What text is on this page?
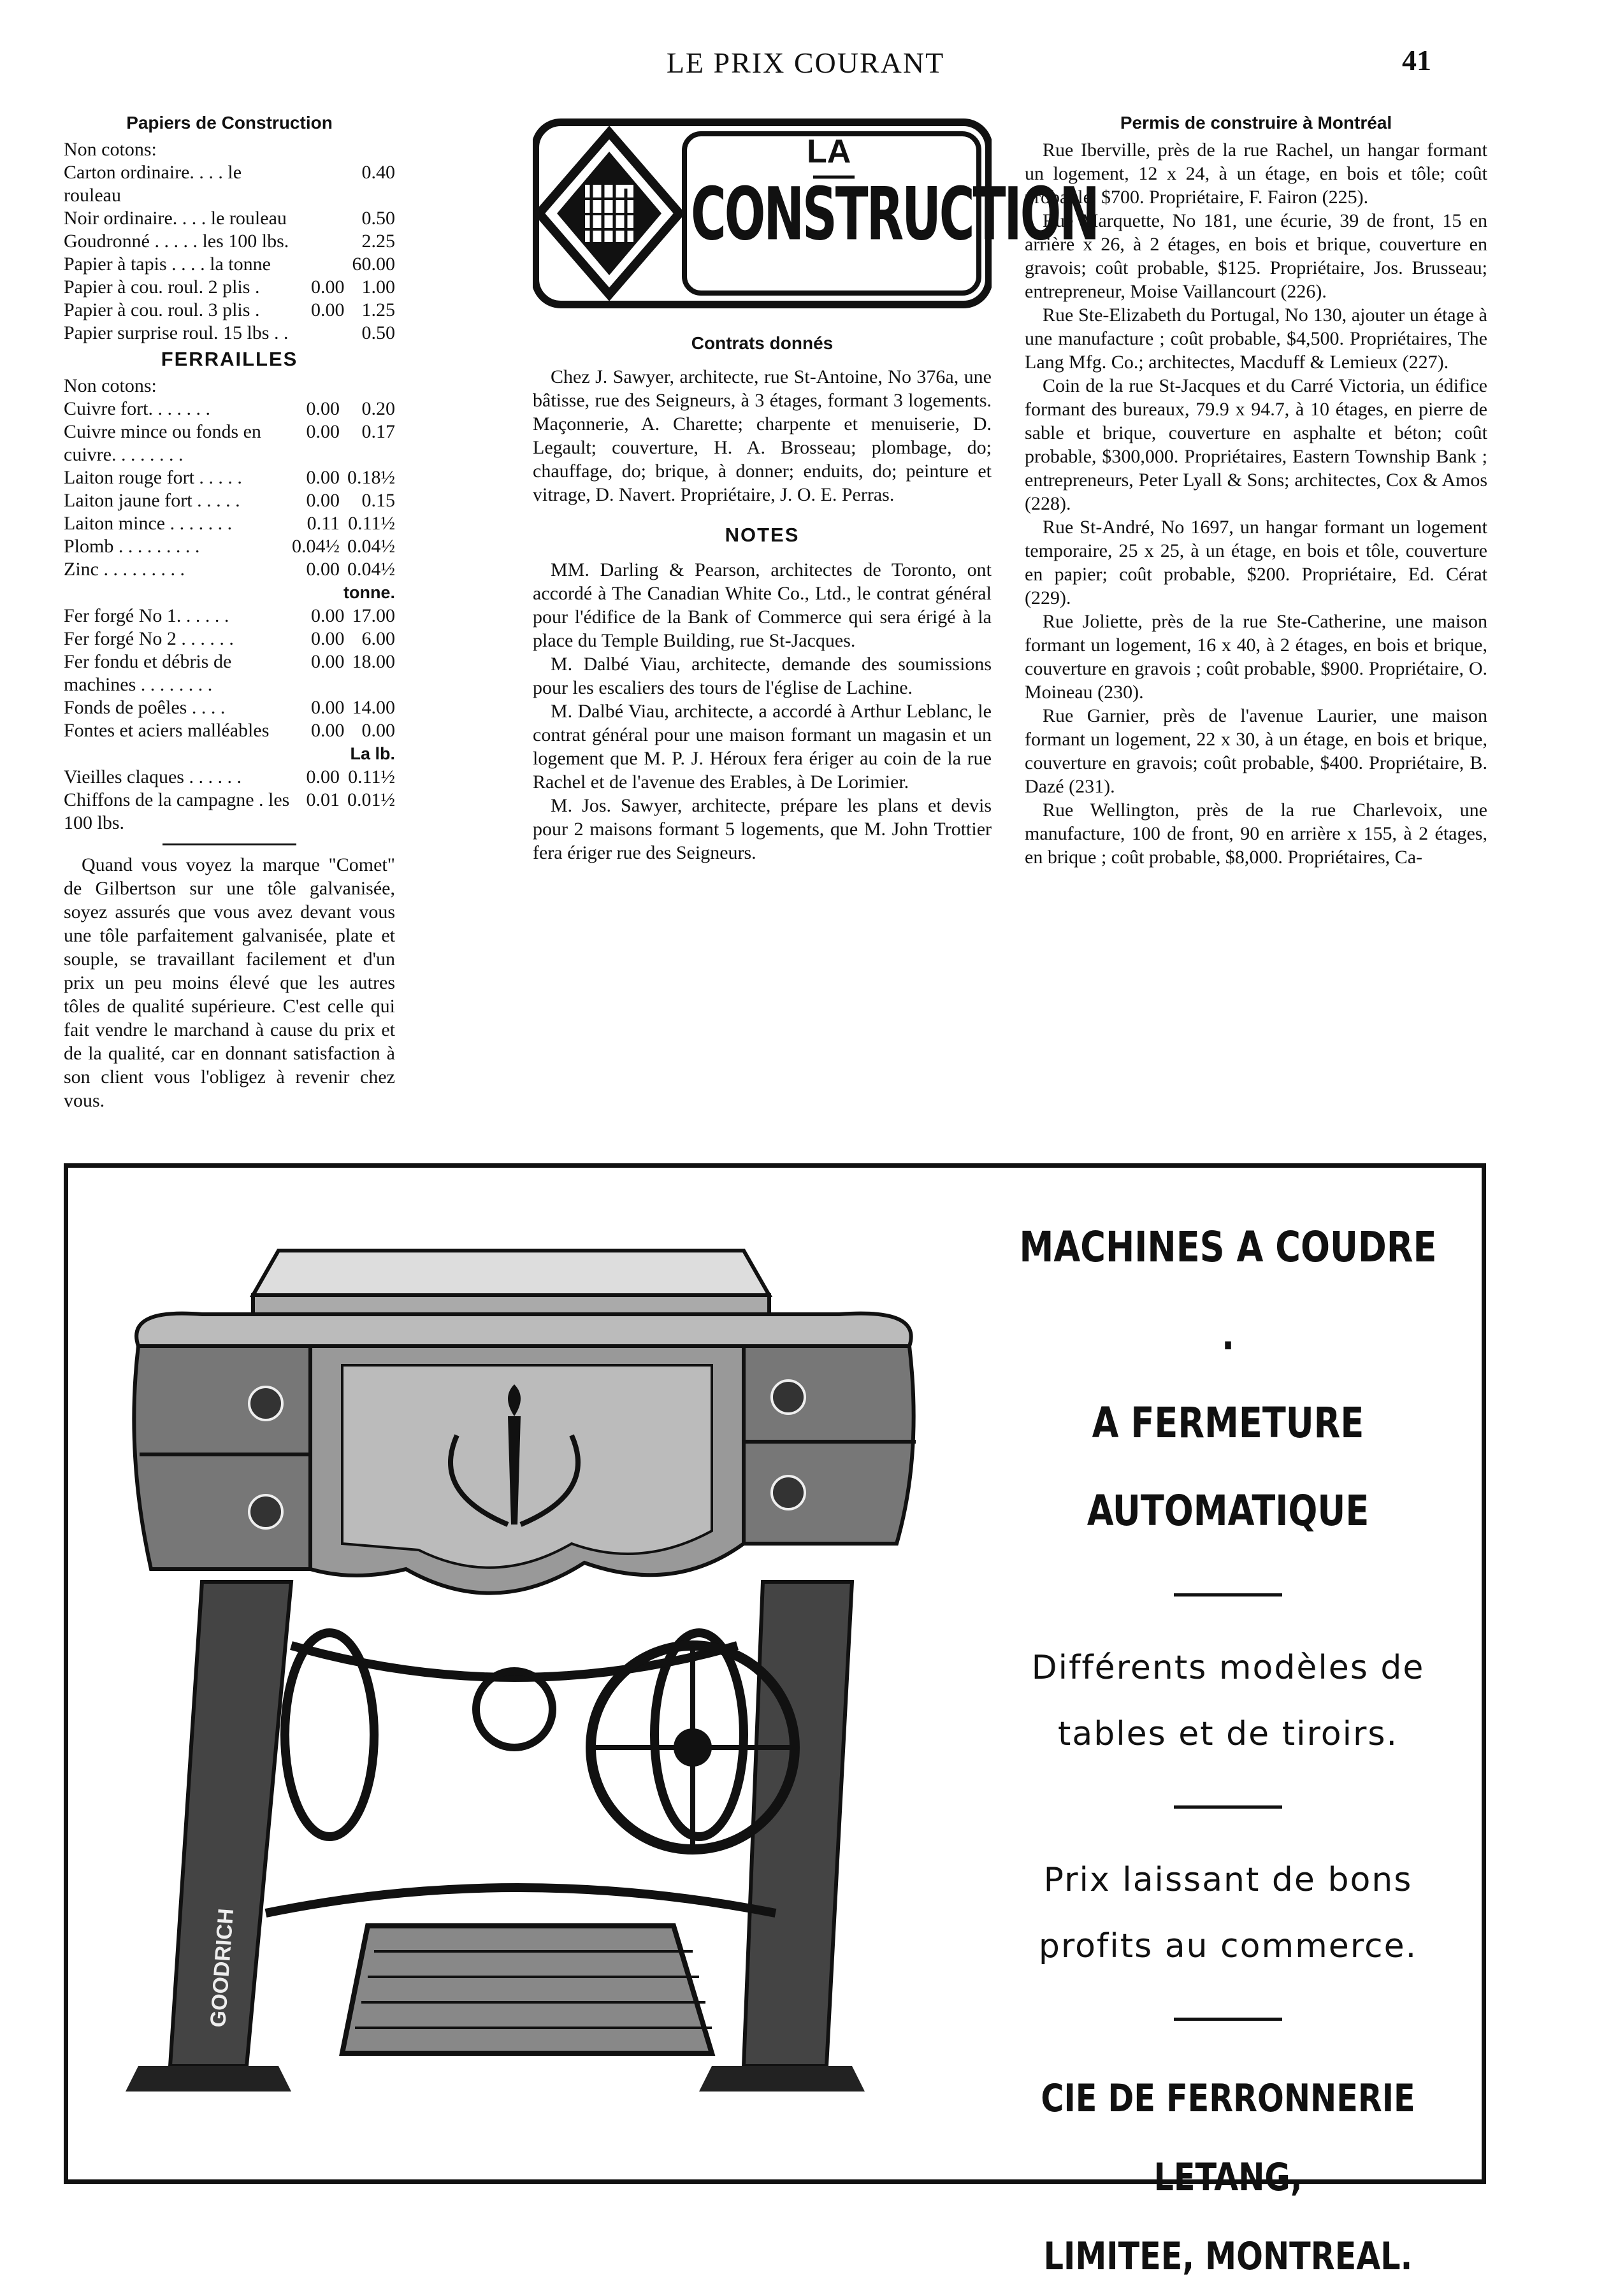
LE PRIX COURANT	41
Papiers de Construction
Non cotons:		
Carton ordinaire. . . . le rouleau		0.40
Noir ordinaire. . . . le rouleau		0.50
Goudronné . . . . . les 100 lbs.		2.25
Papier à tapis . . . . la tonne		60.00
Papier à cou. roul. 2 plis .	0.00	1.00
Papier à cou. roul. 3 plis .	0.00	1.25
Papier surprise roul. 15 lbs . .		0.50
FERRAILLES
Non cotons:		
Cuivre fort. . . . . . .	0.00	0.20
Cuivre mince ou fonds en cuivre. . . . . . . .	0.00	0.17
Laiton rouge fort . . . . .	0.00	0.18½
Laiton jaune fort . . . . .	0.00	0.15
Laiton mince . . . . . . .	0.11	0.11½
Plomb . . . . . . . . .	0.04½	0.04½
Zinc . . . . . . . . .	0.00	0.04½
tonne.
Fer forgé No 1. . . . . .	0.00	17.00
Fer forgé No 2 . . . . . .	0.00	6.00
Fer fondu et débris de machines . . . . . . . .	0.00	18.00
Fonds de poêles . . . .	0.00	14.00
Fontes et aciers malléables	0.00	0.00
La lb.
Vieilles claques . . . . . .	0.00	0.11½
Chiffons de la campagne . les 100 lbs.	0.01	0.01½

Quand vous voyez la marque "Comet" de Gilbertson sur une tôle galvanisée, soyez assurés que vous avez devant vous une tôle parfaitement galvanisée, plate et souple, se travaillant facilement et d'un prix un peu moins élevé que les autres tôles de qualité supérieure. C'est celle qui fait vendre le marchand à cause du prix et de la qualité, car en donnant satisfaction à son client vous l'obligez à revenir chez vous.

LA
CONSTRUCTION
Contrats donnés

Chez J. Sawyer, architecte, rue St-Antoine, No 376a, une bâtisse, rue des Seigneurs, à 3 étages, formant 3 logements. Maçonnerie, A. Charette; charpente et menuiserie, D. Legault; couverture, H. A. Brosseau; plombage, do; chauffage, do; brique, à donner; enduits, do; peinture et vitrage, D. Navert. Propriétaire, J. O. E. Perras.

NOTES

MM. Darling & Pearson, architectes de Toronto, ont accordé à The Canadian White Co., Ltd., le contrat général pour l'édifice de la Bank of Commerce qui sera érigé à la place du Temple Building, rue St-Jacques.

M. Dalbé Viau, architecte, demande des soumissions pour les escaliers des tours de l'église de Lachine.

M. Dalbé Viau, architecte, a accordé à Arthur Leblanc, le contrat général pour une maison formant un magasin et un logement que M. P. J. Héroux fera ériger au coin de la rue Rachel et de l'avenue des Erables, à De Lorimier.

M. Jos. Sawyer, architecte, prépare les plans et devis pour 2 maisons formant 5 logements, que M. John Trottier fera ériger rue des Seigneurs.

Permis de construire à Montréal

Rue Iberville, près de la rue Rachel, un hangar formant un logement, 12 x 24, à un étage, en bois et tôle; coût probable, $700. Propriétaire, F. Fairon (225).

Rue Marquette, No 181, une écurie, 39 de front, 15 en arrière x 26, à 2 étages, en bois et brique, couverture en gravois; coût probable, $125. Propriétaire, Jos. Brusseau; entrepreneur, Moise Vaillancourt (226).

Rue Ste-Elizabeth du Portugal, No 130, ajouter un étage à une manufacture ; coût probable, $4,500. Propriétaires, The Lang Mfg. Co.; architectes, Macduff & Lemieux (227).

Coin de la rue St-Jacques et du Carré Victoria, un édifice formant des bureaux, 79.9 x 94.7, à 10 étages, en pierre de sable et brique, couverture en asphalte et béton; coût probable, $300,000. Propriétaires, Eastern Township Bank ; entrepreneurs, Peter Lyall & Sons; architectes, Cox & Amos (228).

Rue St-André, No 1697, un hangar formant un logement temporaire, 25 x 25, à un étage, en bois et tôle, couverture en papier; coût probable, $200. Propriétaire, Ed. Cérat (229).

Rue Joliette, près de la rue Ste-Catherine, une maison formant un logement, 16 x 40, à 2 étages, en bois et brique, couverture en gravois ; coût probable, $900. Propriétaire, O. Moineau (230).

Rue Garnier, près de l'avenue Laurier, une maison formant un logement, 22 x 30, à un étage, en bois et brique, couverture en gravois; coût probable, $400. Propriétaire, B. Dazé (231).

Rue Wellington, près de la rue Charlevoix, une manufacture, 100 de front, 90 en arrière x 155, à 2 étages, en brique ; coût probable, $8,000. Propriétaires, Ca-

GOODRICH
MACHINES A COUDRE .
A FERMETURE
AUTOMATIQUE
Différents modèles de
tables et de tiroirs.
Prix laissant de bons
profits au commerce.
CIE DE FERRONNERIE LETANG,
LIMITEE, MONTREAL.
